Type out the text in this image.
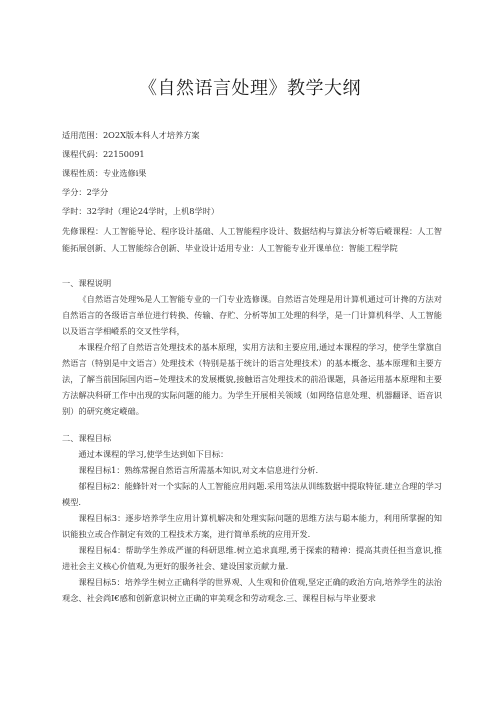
《自然语言处理》教学大纲
适用范围：2O2X版本科人才培养方案
课程代码：22150091
课程性质：专业选修i果
学分：2学分
学时：32学时（理论24学时，上机8学时）
先修课程：人工智能导论、程序设计基础、人工智能程序设计、数据结构与算法分析等后嵷课程：人工智能拓展创新、人工智能综合创新、毕业设计适用专业：人工智能专业开课单位：智能工程学院

一、课程说明

《自然语言处理%是人工智能专业的一门专业选修课。自然语言处理是用计算机通过可计搀的方法对自然语言的各级语言单位进行转换、传输、存贮、分析等加工处理的科学，是一门计算机科学、人工智能以及语言学相嵷系的交叉性学科，

本课程介绍了自然语言处理技术的基本原理，实用方法和主要应用,通过本课程的学习，使学生掌旗自然语言（特别是中文语言）处理技术（特别是基于统计的语言处理技术）的基本概念、基本原理和主要方法，了解当前国际国内语~处理技术的发展概貌,接触语言处理技术的前沿课题，具备运用基本原理和主要方法解决科研工作中出现的实际问题的能力。为学生开展相关领域（如网络信息处理、机器翻译、语音识别）的研究奠定嵷础。

二、课程目标

通过本课程的学习,使学生达到如下目标：

课程目标1：熟练常握自然语言所需基本知识,对文本信息进行分析.

郁程目标2：能蜂针对一个实际的人工智能应用问题.采用笃法从训练数据中提取特征.建立合理的学习模型.

课程目标3：逐步培养学生应用计算机解决和处理实际问题的思维方法与聪本能力，利用所掌握的知识能独立或合作制定有效的工程技术方案，进行简单系统的应用开发.

课程目标4：帮助学生养成严谨的科研思维.树立追求真理,勇于探索的精神：提高其责任担当意识,推进社会主义核心价值观,为更好的服务社会、建设国家贡献力量.

课程目标5：培养学生树立正确科学的世界观、人生观和价值观,坚定正确的政治方向,培养学生的法治观念、社会尚I€感和创新意识树立正确的审美观念和劳动观念.三、课程目标与毕业要求
